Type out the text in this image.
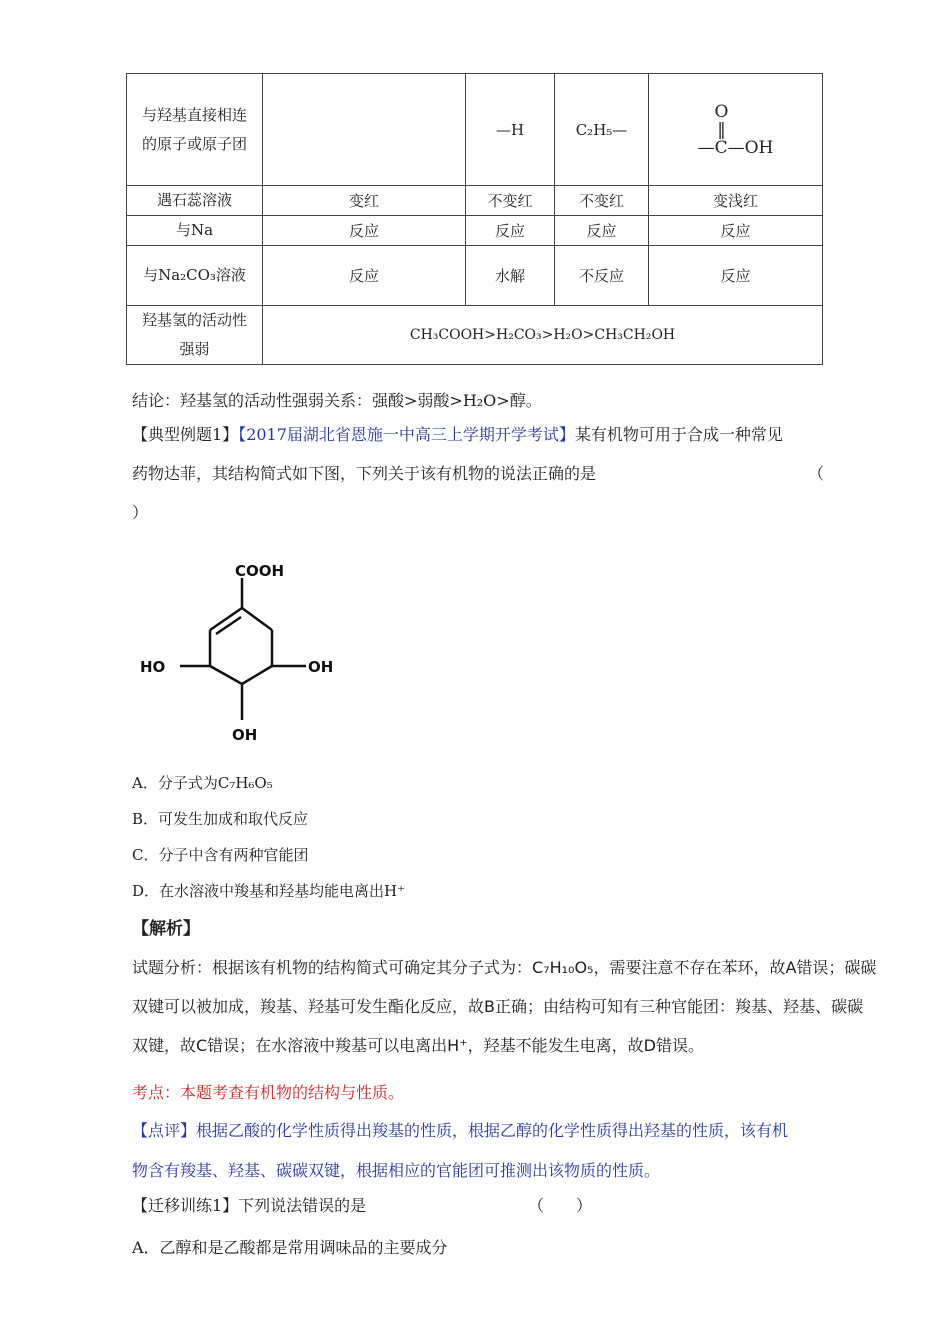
与羟基直接相连的原子或原子团		—H	C₂H₅—	O
‖
—C—OH

遇石蕊溶液	变红	不变红	不变红	变浅红
与Na	反应	反应	反应	反应
与Na₂CO₃溶液	反应	水解	不反应	反应
羟基氢的活动性强弱	CH₃COOH>H₂CO₃>H₂O>CH₃CH₂OH			
结论：羟基氢的活动性强弱关系：强酸>弱酸>H₂O>醇。
【典型例题1】【2017届湖北省恩施一中高三上学期开学考试】某有机物可用于合成一种常见
药物达菲，其结构简式如下图，下列关于该有机物的说法正确的是	（
）
COOH
HO	OH
OH
A．分子式为C₇H₆O₅
B．可发生加成和取代反应
C．分子中含有两种官能团
D．在水溶液中羧基和羟基均能电离出H⁺
【解析】
试题分析：根据该有机物的结构简式可确定其分子式为：C₇H₁₀O₅，需要注意不存在苯环，故A错误；碳碳
双键可以被加成，羧基、羟基可发生酯化反应，故B正确；由结构可知有三种官能团：羧基、羟基、碳碳
双键，故C错误；在水溶液中羧基可以电离出H⁺，羟基不能发生电离，故D错误。
考点：本题考查有机物的结构与性质。
【点评】根据乙酸的化学性质得出羧基的性质，根据乙醇的化学性质得出羟基的性质，该有机
物含有羧基、羟基、碳碳双键，根据相应的官能团可推测出该物质的性质。
【迁移训练1】下列说法错误的是	（　　）
A．乙醇和是乙酸都是常用调味品的主要成分
